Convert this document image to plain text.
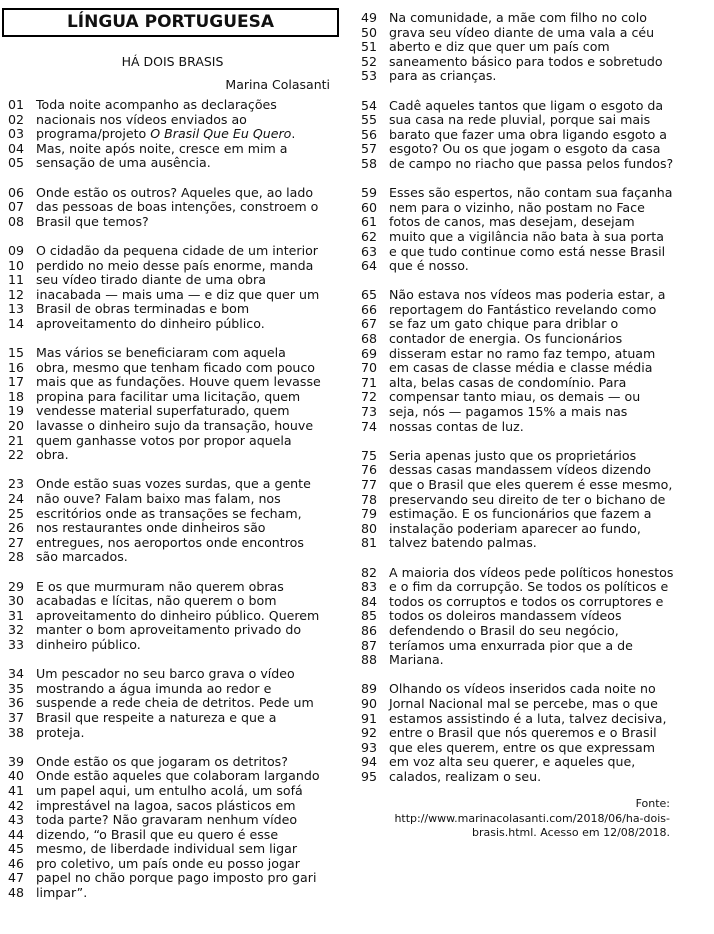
LÍNGUA PORTUGUESA
HÁ DOIS BRASIS
Marina Colasanti
01 Toda noite acompanho as declarações
02 nacionais nos vídeos enviados ao
03 programa/projeto O Brasil Que Eu Quero.
04 Mas, noite após noite, cresce em mim a
05 sensação de uma ausência.
06 Onde estão os outros? Aqueles que, ao lado
07 das pessoas de boas intenções, constroem o
08 Brasil que temos?
09 O cidadão da pequena cidade de um interior
10 perdido no meio desse país enorme, manda
11 seu vídeo tirado diante de uma obra
12 inacabada — mais uma — e diz que quer um
13 Brasil de obras terminadas e bom
14 aproveitamento do dinheiro público.
15 Mas vários se beneficiaram com aquela
16 obra, mesmo que tenham ficado com pouco
17 mais que as fundações. Houve quem levasse
18 propina para facilitar uma licitação, quem
19 vendesse material superfaturado, quem
20 lavasse o dinheiro sujo da transação, houve
21 quem ganhasse votos por propor aquela
22 obra.
23 Onde estão suas vozes surdas, que a gente
24 não ouve? Falam baixo mas falam, nos
25 escritórios onde as transações se fecham,
26 nos restaurantes onde dinheiros são
27 entregues, nos aeroportos onde encontros
28 são marcados.
29 E os que murmuram não querem obras
30 acabadas e lícitas, não querem o bom
31 aproveitamento do dinheiro público. Querem
32 manter o bom aproveitamento privado do
33 dinheiro público.
34 Um pescador no seu barco grava o vídeo
35 mostrando a água imunda ao redor e
36 suspende a rede cheia de detritos. Pede um
37 Brasil que respeite a natureza e que a
38 proteja.
39 Onde estão os que jogaram os detritos?
40 Onde estão aqueles que colaboram largando
41 um papel aqui, um entulho acolá, um sofá
42 imprestável na lagoa, sacos plásticos em
43 toda parte? Não gravaram nenhum vídeo
44 dizendo, “o Brasil que eu quero é esse
45 mesmo, de liberdade individual sem ligar
46 pro coletivo, um país onde eu posso jogar
47 papel no chão porque pago imposto pro gari
48 limpar”.
49 Na comunidade, a mãe com filho no colo
50 grava seu vídeo diante de uma vala a céu
51 aberto e diz que quer um país com
52 saneamento básico para todos e sobretudo
53 para as crianças.
54 Cadê aqueles tantos que ligam o esgoto da
55 sua casa na rede pluvial, porque sai mais
56 barato que fazer uma obra ligando esgoto a
57 esgoto? Ou os que jogam o esgoto da casa
58 de campo no riacho que passa pelos fundos?
59 Esses são espertos, não contam sua façanha
60 nem para o vizinho, não postam no Face
61 fotos de canos, mas desejam, desejam
62 muito que a vigilância não bata à sua porta
63 e que tudo continue como está nesse Brasil
64 que é nosso.
65 Não estava nos vídeos mas poderia estar, a
66 reportagem do Fantástico revelando como
67 se faz um gato chique para driblar o
68 contador de energia. Os funcionários
69 disseram estar no ramo faz tempo, atuam
70 em casas de classe média e classe média
71 alta, belas casas de condomínio. Para
72 compensar tanto miau, os demais — ou
73 seja, nós — pagamos 15% a mais nas
74 nossas contas de luz.
75 Seria apenas justo que os proprietários
76 dessas casas mandassem vídeos dizendo
77 que o Brasil que eles querem é esse mesmo,
78 preservando seu direito de ter o bichano de
79 estimação. E os funcionários que fazem a
80 instalação poderiam aparecer ao fundo,
81 talvez batendo palmas.
82 A maioria dos vídeos pede políticos honestos
83 e o fim da corrupção. Se todos os políticos e
84 todos os corruptos e todos os corruptores e
85 todos os doleiros mandassem vídeos
86 defendendo o Brasil do seu negócio,
87 teríamos uma enxurrada pior que a de
88 Mariana.
89 Olhando os vídeos inseridos cada noite no
90 Jornal Nacional mal se percebe, mas o que
91 estamos assistindo é a luta, talvez decisiva,
92 entre o Brasil que nós queremos e o Brasil
93 que eles querem, entre os que expressam
94 em voz alta seu querer, e aqueles que,
95 calados, realizam o seu.
Fonte:
http://www.marinacolasanti.com/2018/06/ha-dois-
brasis.html. Acesso em 12/08/2018.
